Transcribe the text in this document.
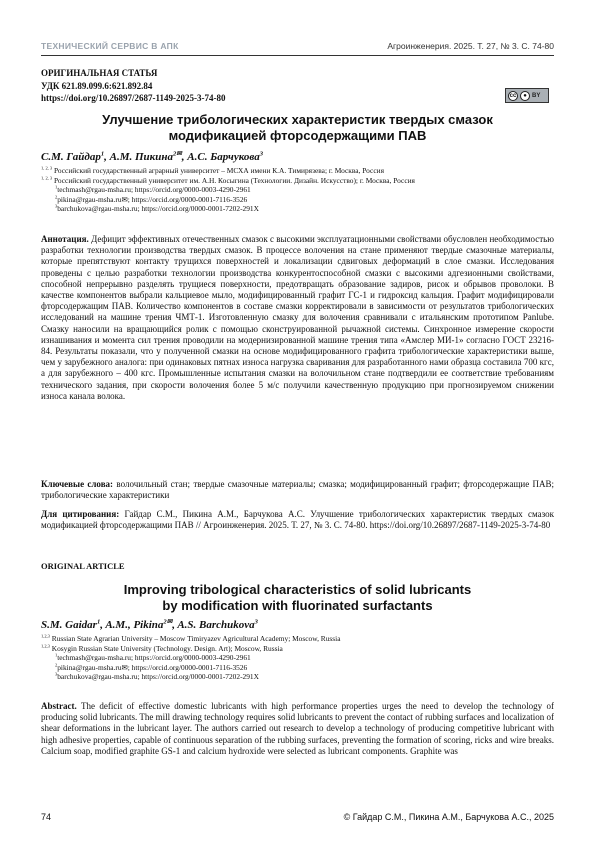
ТЕХНИЧЕСКИЙ СЕРВИС В АПК	Агроинженерия. 2025. Т. 27, № 3. С. 74-80
ОРИГИНАЛЬНАЯ СТАТЬЯ
УДК 621.89.099.6:621.892.84
https://doi.org/10.26897/2687-1149-2025-3-74-80	cc	● BY
Улучшение трибологических характеристик твердых смазок
модификацией фторсодержащими ПАВ
С.М. Гайдар$^1$, А.М. Пикина$^{2✉}$, А.С. Барчукова$^3$
$^{1, 2, 3}$ Российский государственный аграрный университет – МСХА имени К.А. Тимирязева; г. Москва, Россия
$^{1, 2, 3}$ Российский государственный университет им. А.Н. Косыгина (Технологии. Дизайн. Искусство); г. Москва, Россия
$^1$techmash@rgau-msha.ru; https://orcid.org/0000-0003-4290-2961
$^2$pikina@rgau-msha.ru✉; https://orcid.org/0000-0001-7116-3526
$^3$barchukova@rgau-msha.ru; https://orcid.org/0000-0001-7202-291X
Аннотация. Дефицит эффективных отечественных смазок с высокими эксплуатационными свойствами обусловлен необходимостью разработки технологии производства твердых смазок. В процессе волочения на стане применяют твердые смазочные материалы, которые препятствуют контакту трущихся поверхностей и локализации сдвиговых деформаций в слое смазки. Исследования проведены с целью разработки технологии производства конкурентоспособной смазки с высокими адгезионными свойствами, способной непрерывно разделять трущиеся поверхности, предотвращать образование задиров, рисок и обрывов проволоки. В качестве компонентов выбрали кальциевое мыло, модифицированный графит ГС-1 и гидроксид кальция. Графит модифицировали фторсодержащим ПАВ. Количество компонентов в составе смазки корректировали в зависимости от результатов трибологических исследований на машине трения ЧМТ-1. Изготовленную смазку для волочения сравнивали с итальянским прототипом Panlube. Смазку наносили на вращающийся ролик с помощью сконструированной рычажной системы. Синхронное измерение скорости изнашивания и момента сил трения проводили на модернизированной машине трения типа «Амслер МИ-1» согласно ГОСТ 23216-84. Результаты показали, что у полученной смазки на основе модифицированного графита трибологические характеристики выше, чем у зарубежного аналога: при одинаковых пятнах износа нагрузка сваривания для разработанного нами образца составила 700 кгс, а для зарубежного – 400 кгс. Промышленные испытания смазки на волочильном стане подтвердили ее соответствие требованиям технического задания, при скорости волочения более 5 м/с получили качественную продукцию при прогнозируемом снижении износа канала волока.
Ключевые слова: волочильный стан; твердые смазочные материалы; смазка; модифицированный графит; фторсодержащие ПАВ; трибологические характеристики
Для цитирования: Гайдар С.М., Пикина А.М., Барчукова А.С. Улучшение трибологических характеристик твердых смазок модификацией фторсодержащими ПАВ // Агроинженерия. 2025. Т. 27, № 3. С. 74-80. https://doi.org/10.26897/2687-1149-2025-3-74-80
ORIGINAL ARTICLE
Improving tribological characteristics of solid lubricants
by modification with fluorinated surfactants
S.M. Gaidar$^1$, A.M., Pikina$^{2✉}$, A.S. Barchukova$^3$
$^{1,2,3}$ Russian State Agrarian University – Moscow Timiryazev Agricultural Academy; Moscow, Russia
$^{1,2,3}$ Kosygin Russian State University (Technology. Design. Art); Moscow, Russia
$^1$techmash@rgau-msha.ru; https://orcid.org/0000-0003-4290-2961
$^2$pikina@rgau-msha.ru✉; https://orcid.org/0000-0001-7116-3526
$^3$barchukova@rgau-msha.ru; https://orcid.org/0000-0001-7202-291X
Abstract. The deficit of effective domestic lubricants with high performance properties urges the need to develop the technology of producing solid lubricants. The mill drawing technology requires solid lubricants to prevent the contact of rubbing surfaces and localization of shear deformations in the lubricant layer. The authors carried out research to develop a technology of producing competitive lubricant with high adhesive properties, capable of continuous separation of the rubbing surfaces, preventing the formation of scoring, ricks and wire breaks. Calcium soap, modified graphite GS-1 and calcium hydroxide were selected as lubricant components. Graphite was
74	© Гайдар С.М., Пикина А.М., Барчукова А.С., 2025
